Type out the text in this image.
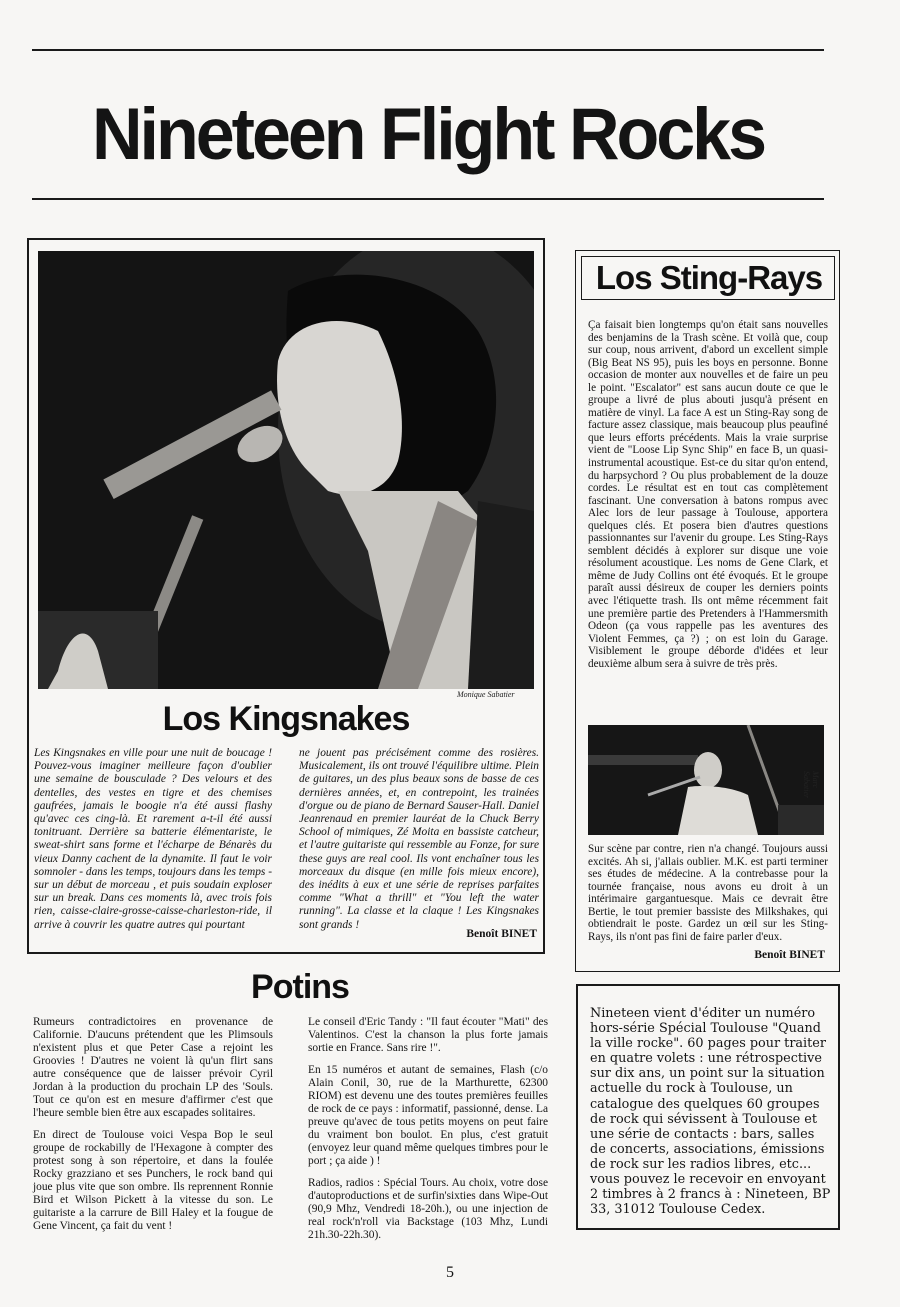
Nineteen Flight Rocks
Monique Sabatier
Los Kingsnakes

Les Kingsnakes en ville pour une nuit de boucage ! Pouvez-vous imaginer meilleure façon d'oublier une semaine de bousculade ? Des velours et des dentelles, des vestes en tigre et des chemises gaufrées, jamais le boogie n'a été aussi flashy qu'avec ces cing-là. Et rarement a-t-il été aussi tonitruant. Derrière sa batterie élémentariste, le sweat-shirt sans forme et l'écharpe de Bénarès du vieux Danny cachent de la dynamite. Il faut le voir somnoler - dans les temps, toujours dans les temps - sur un début de morceau , et puis soudain exploser sur un break. Dans ces moments là, avec trois fois rien, caisse-claire-grosse-caisse-charleston-ride, il arrive à couvrir les quatre autres qui pourtant

ne jouent pas précisément comme des rosières. Musicalement, ils ont trouvé l'équilibre ultime. Plein de guitares, un des plus beaux sons de basse de ces dernières années, et, en contrepoint, les trainées d'orgue ou de piano de Bernard Sauser-Hall. Daniel Jeanrenaud en premier lauréat de la Chuck Berry School of mimiques, Zé Moita en bassiste catcheur, et l'autre guitariste qui ressemble au Fonze, for sure these guys are real cool. Ils vont enchaîner tous les morceaux du disque (en mille fois mieux encore), des inédits à eux et une série de reprises parfaites comme "What a thrill" et "You left the water running". La classe et la claque ! Les Kingsnakes sont grands !

Benoît BINET
Los Sting-Rays

Ça faisait bien longtemps qu'on était sans nouvelles des benjamins de la Trash scène. Et voilà que, coup sur coup, nous arrivent, d'abord un excellent simple (Big Beat NS 95), puis les boys en personne. Bonne occasion de monter aux nouvelles et de faire un peu le point. "Escalator" est sans aucun doute ce que le groupe a livré de plus abouti jusqu'à présent en matière de vinyl. La face A est un Sting-Ray song de facture assez classique, mais beaucoup plus peaufiné que leurs efforts précédents. Mais la vraie surprise vient de "Loose Lip Sync Ship" en face B, un quasi-instrumental acoustique. Est-ce du sitar qu'on entend, du harpsychord ? Ou plus probablement de la douze cordes. Le résultat est en tout cas complètement fascinant. Une conversation à batons rompus avec Alec lors de leur passage à Toulouse, apportera quelques clés. Et posera bien d'autres questions passionnantes sur l'avenir du groupe. Les Sting-Rays semblent décidés à explorer sur disque une voie résolument acoustique. Les noms de Gene Clark, et même de Judy Collins ont été évoqués. Et le groupe paraît aussi désireux de couper les derniers points avec l'étiquette trash. Ils ont même récemment fait une première partie des Pretenders à l'Hammersmith Odeon (ça vous rappelle pas les aventures des Violent Femmes, ça ?) ; on est loin du Garage. Visiblement le groupe déborde d'idées et leur deuxième album sera à suivre de très près.

Marc Sabatier

Sur scène par contre, rien n'a changé. Toujours aussi excités. Ah si, j'allais oublier. M.K. est parti terminer ses études de médecine. A la contrebasse pour la tournée française, nous avons eu droit à un intérimaire gargantuesque. Mais ce devrait être Bertie, le tout premier bassiste des Milkshakes, qui obtiendrait le poste. Gardez un œil sur les Sting-Rays, ils n'ont pas fini de faire parler d'eux.

Benoît BINET
Potins

Rumeurs contradictoires en provenance de Californie. D'aucuns prétendent que les Plimsouls n'existent plus et que Peter Case a rejoint les Groovies ! D'autres ne voient là qu'un flirt sans autre conséquence que de laisser prévoir Cyril Jordan à la production du prochain LP des 'Souls. Tout ce qu'on est en mesure d'affirmer c'est que l'heure semble bien être aux escapades solitaires.

En direct de Toulouse voici Vespa Bop le seul groupe de rockabilly de l'Hexagone à compter des protest song à son répertoire, et dans la foulée Rocky grazziano et ses Punchers, le rock band qui joue plus vite que son ombre. Ils reprennent Ronnie Bird et Wilson Pickett à la vitesse du son. Le guitariste a la carrure de Bill Haley et la fougue de Gene Vincent, ça fait du vent !

Le conseil d'Eric Tandy : "Il faut écouter "Mati" des Valentinos. C'est la chanson la plus forte jamais sortie en France. Sans rire !".

En 15 numéros et autant de semaines, Flash (c/o Alain Conil, 30, rue de la Marthurette, 62300 RIOM) est devenu une des toutes premières feuilles de rock de ce pays : informatif, passionné, dense. La preuve qu'avec de tous petits moyens on peut faire du vraiment bon boulot. En plus, c'est gratuit (envoyez leur quand même quelques timbres pour le port ; ça aide ) !

Radios, radios : Spécial Tours. Au choix, votre dose d'autoproductions et de surfin'sixties dans Wipe-Out (90,9 Mhz, Vendredi 18-20h.), ou une injection de real rock'n'roll via Backstage (103 Mhz, Lundi 21h.30-22h.30).

Nineteen vient d'éditer un numéro hors-série Spécial Toulouse "Quand la ville rocke". 60 pages pour traiter en quatre volets : une rétrospective sur dix ans, un point sur la situation actuelle du rock à Toulouse, un catalogue des quelques 60 groupes de rock qui sévissent à Toulouse et une série de contacts : bars, salles de concerts, associations, émissions de rock sur les radios libres, etc... vous pouvez le recevoir en envoyant 2 timbres à 2 francs à : Nineteen, BP 33, 31012 Toulouse Cedex.

5
